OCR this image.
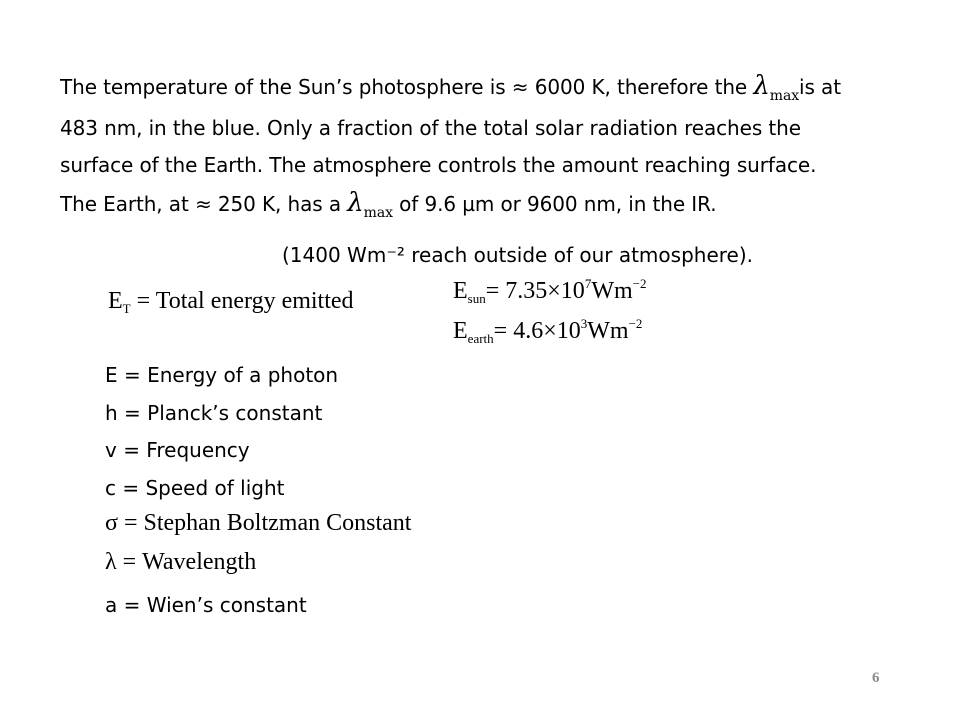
The temperature of the Sun’s photosphere is ≈ 6000 K, therefore the $\lambda_{max}is$ at
483 nm, in the blue. Only a fraction of the total solar radiation reaches the
surface of the Earth. The atmosphere controls the amount reaching surface.
The Earth, at ≈ 250 K, has a $\lambda_{max}$ of 9.6 µm or 9600 nm, in the IR.
(1400 Wm⁻² reach outside of our atmosphere).
$E_T$ = Total energy emitted	$E_{sun}= 7.35\times 10^7Wm^{-2}$
$E_{earth}= 4.6\times 10^3Wm^{-2}$
E = Energy of a photon
h = Planck’s constant
v = Frequency
c = Speed of light
σ = Stephan Boltzman Constant
λ = Wavelength
a = Wien’s constant
6
